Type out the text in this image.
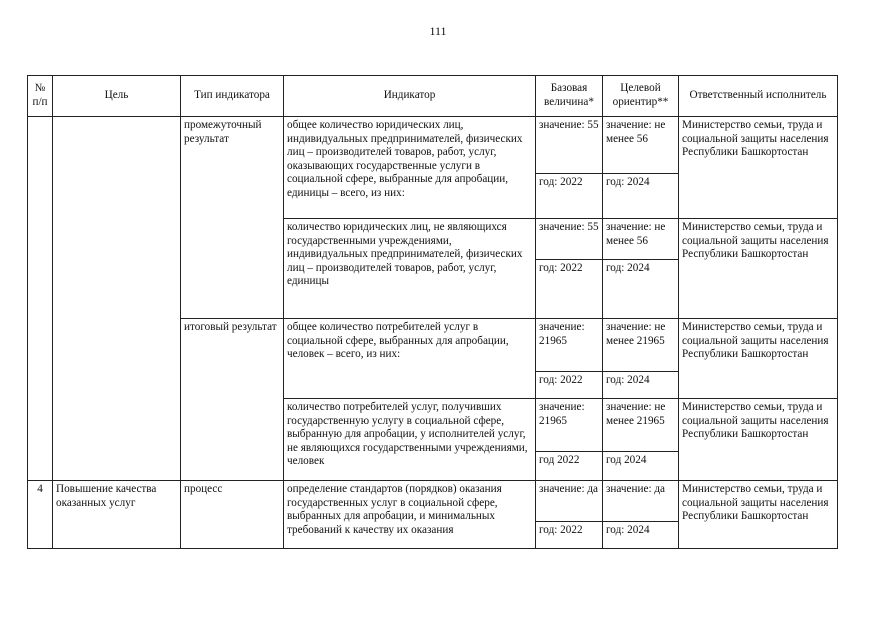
111
№ п/п	Цель	Тип индикатора	Индикатор	Базовая величина*	Целевой ориентир**	Ответственный исполнитель
		промежуточный результат	общее количество юридических лиц, индивидуальных предпринимателей, физических лиц – производителей товаров, работ, услуг, оказывающих государственные услуги в социальной сфере, выбранные для апробации, единицы – всего, из них:	значение: 55	значение: не менее 56	Министерство семьи, труда и социальной защиты населения Республики Башкортостан
				год: 2022	год: 2024	
			количество юридических лиц, не являющихся государственными учреждениями, индивидуальных предпринимателей, физических лиц – производителей товаров, работ, услуг, единицы	значение: 55	значение: не менее 56	Министерство семьи, труда и социальной защиты населения Республики Башкортостан
				год: 2022	год: 2024	
		итоговый результат	общее количество потребителей услуг в социальной сфере, выбранных для апробации, человек – всего, из них:	значение: 21965	значение: не менее 21965	Министерство семьи, труда и социальной защиты населения Республики Башкортостан
				год: 2022	год: 2024	
			количество потребителей услуг, получивших государственную услугу в социальной сфере, выбранную для апробации, у исполнителей услуг, не являющихся государственными учреждениями, человек	значение: 21965	значение: не менее 21965	Министерство семьи, труда и социальной защиты населения Республики Башкортостан
				год 2022	год 2024	
4	Повышение качества оказанных услуг	процесс	определение стандартов (порядков) оказания государственных услуг в социальной сфере, выбранных для апробации, и минимальных требований к качеству их оказания	значение: да	значение: да	Министерство семьи, труда и социальной защиты населения Республики Башкортостан
				год: 2022	год: 2024	
